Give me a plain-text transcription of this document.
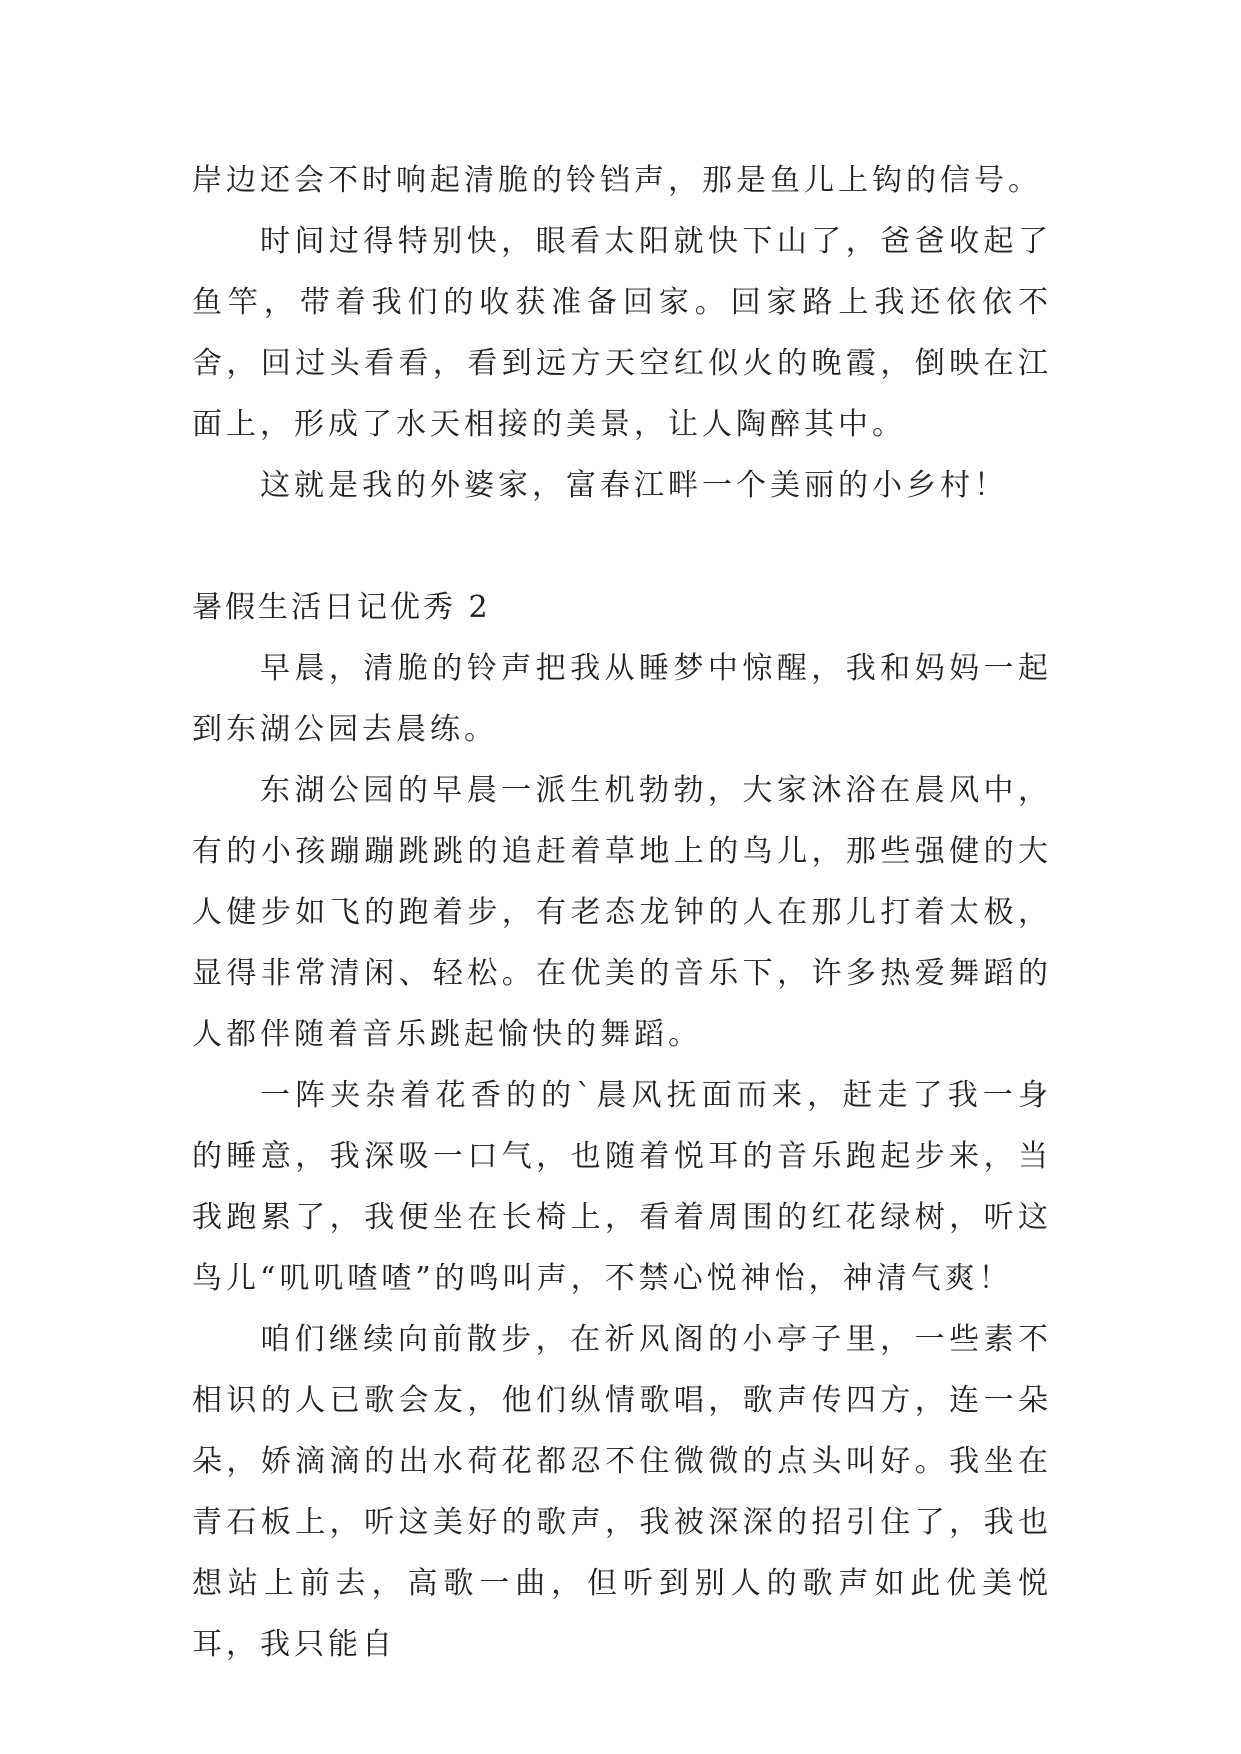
岸边还会不时响起清脆的铃铛声，那是鱼儿上钩的信号。

时间过得特别快，眼看太阳就快下山了，爸爸收起了鱼竿，带着我们的收获准备回家。回家路上我还依依不舍，回过头看看，看到远方天空红似火的晚霞，倒映在江面上，形成了水天相接的美景，让人陶醉其中。

这就是我的外婆家，富春江畔一个美丽的小乡村！

暑假生活日记优秀 2

早晨，清脆的铃声把我从睡梦中惊醒，我和妈妈一起到东湖公园去晨练。

东湖公园的早晨一派生机勃勃，大家沐浴在晨风中，有的小孩蹦蹦跳跳的追赶着草地上的鸟儿，那些强健的大人健步如飞的跑着步，有老态龙钟的人在那儿打着太极，显得非常清闲、轻松。在优美的音乐下，许多热爱舞蹈的人都伴随着音乐跳起愉快的舞蹈。

一阵夹杂着花香的的`晨风抚面而来，赶走了我一身的睡意，我深吸一口气，也随着悦耳的音乐跑起步来，当我跑累了，我便坐在长椅上，看着周围的红花绿树，听这鸟儿“叽叽喳喳”的鸣叫声，不禁心悦神怡，神清气爽！

咱们继续向前散步，在祈风阁的小亭子里，一些素不相识的人已歌会友，他们纵情歌唱，歌声传四方，连一朵朵，娇滴滴的出水荷花都忍不住微微的点头叫好。我坐在青石板上，听这美好的歌声，我被深深的招引住了，我也想站上前去，高歌一曲，但听到别人的歌声如此优美悦耳，我只能自
